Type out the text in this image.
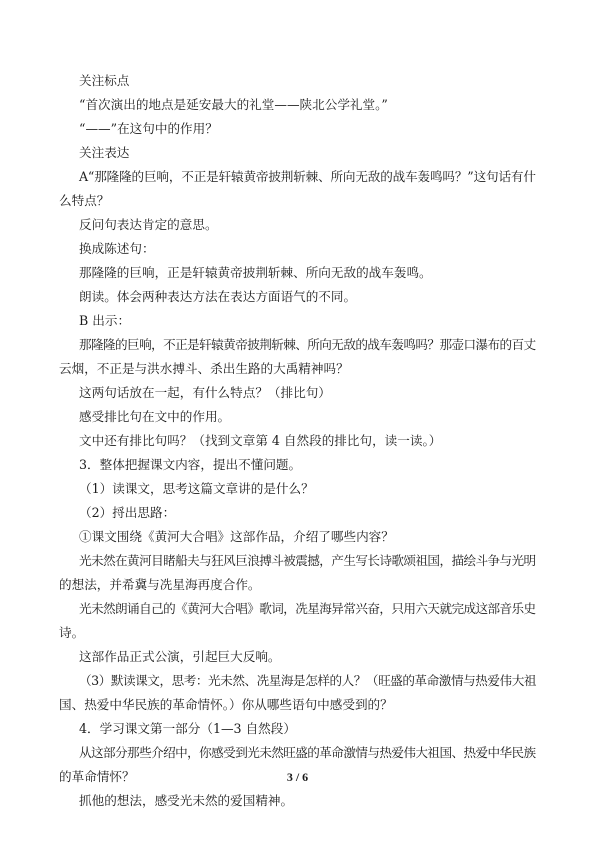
关注标点
“首次演出的地点是延安最大的礼堂——陕北公学礼堂。”
“——”在这句中的作用？
关注表达
A“那隆隆的巨响，不正是轩辕黄帝披荆斩棘、所向无敌的战车轰鸣吗？”这句话有什
么特点？
反问句表达肯定的意思。
换成陈述句：
那隆隆的巨响，正是轩辕黄帝披荆斩棘、所向无敌的战车轰鸣。
朗读。体会两种表达方法在表达方面语气的不同。
B 出示：
那隆隆的巨响，不正是轩辕黄帝披荆斩棘、所向无敌的战车轰鸣吗？那壶口瀑布的百丈
云烟，不正是与洪水搏斗、杀出生路的大禹精神吗？
这两句话放在一起，有什么特点？（排比句）
感受排比句在文中的作用。
文中还有排比句吗？（找到文章第 4 自然段的排比句，读一读。）
3．整体把握课文内容，提出不懂问题。
（1）读课文，思考这篇文章讲的是什么？
（2）捋出思路：
①课文围绕《黄河大合唱》这部作品，介绍了哪些内容？
光未然在黄河目睹船夫与狂风巨浪搏斗被震撼，产生写长诗歌颂祖国，描绘斗争与光明
的想法，并希冀与冼星海再度合作。
光未然朗诵自己的《黄河大合唱》歌词，冼星海异常兴奋，只用六天就完成这部音乐史
诗。
这部作品正式公演，引起巨大反响。
（3）默读课文，思考：光未然、冼星海是怎样的人？（旺盛的革命激情与热爱伟大祖
国、热爱中华民族的革命情怀。）你从哪些语句中感受到的？
4．学习课文第一部分（1—3 自然段）
从这部分那些介绍中，你感受到光未然旺盛的革命激情与热爱伟大祖国、热爱中华民族
的革命情怀？
抓他的想法，感受光未然的爱国精神。
3 / 6
